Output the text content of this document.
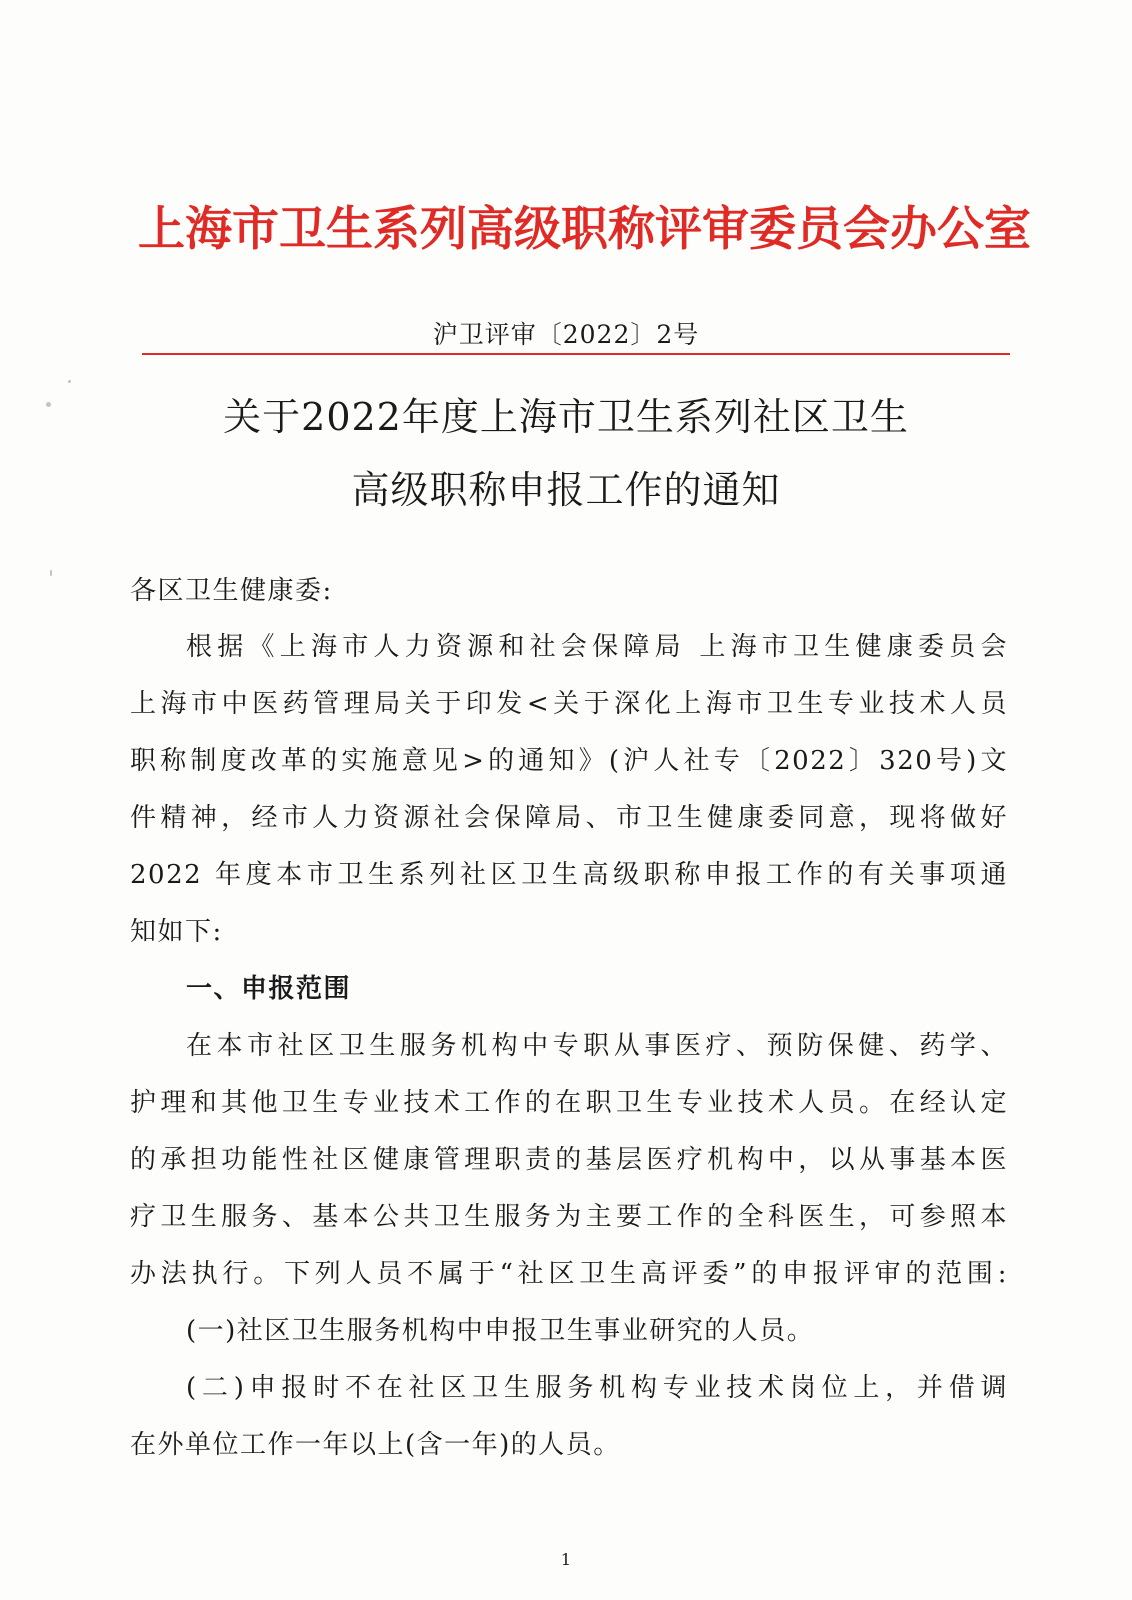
上海市卫生系列高级职称评审委员会办公室
沪卫评审〔2022〕2号
关于2022年度上海市卫生系列社区卫生
高级职称申报工作的通知
各区卫生健康委:
根据《上海市人力资源和社会保障局 上海市卫生健康委员会
上海市中医药管理局关于印发<关于深化上海市卫生专业技术人员
职称制度改革的实施意见>的通知》(沪人社专〔2022〕320号)文
件精神，经市人力资源社会保障局、市卫生健康委同意，现将做好
2022 年度本市卫生系列社区卫生高级职称申报工作的有关事项通
知如下:
一、申报范围
在本市社区卫生服务机构中专职从事医疗、预防保健、药学、
护理和其他卫生专业技术工作的在职卫生专业技术人员。在经认定
的承担功能性社区健康管理职责的基层医疗机构中，以从事基本医
疗卫生服务、基本公共卫生服务为主要工作的全科医生，可参照本
办法执行。下列人员不属于“社区卫生高评委”的申报评审的范围:
(一)社区卫生服务机构中申报卫生事业研究的人员。
(二)申报时不在社区卫生服务机构专业技术岗位上，并借调
在外单位工作一年以上(含一年)的人员。
1
